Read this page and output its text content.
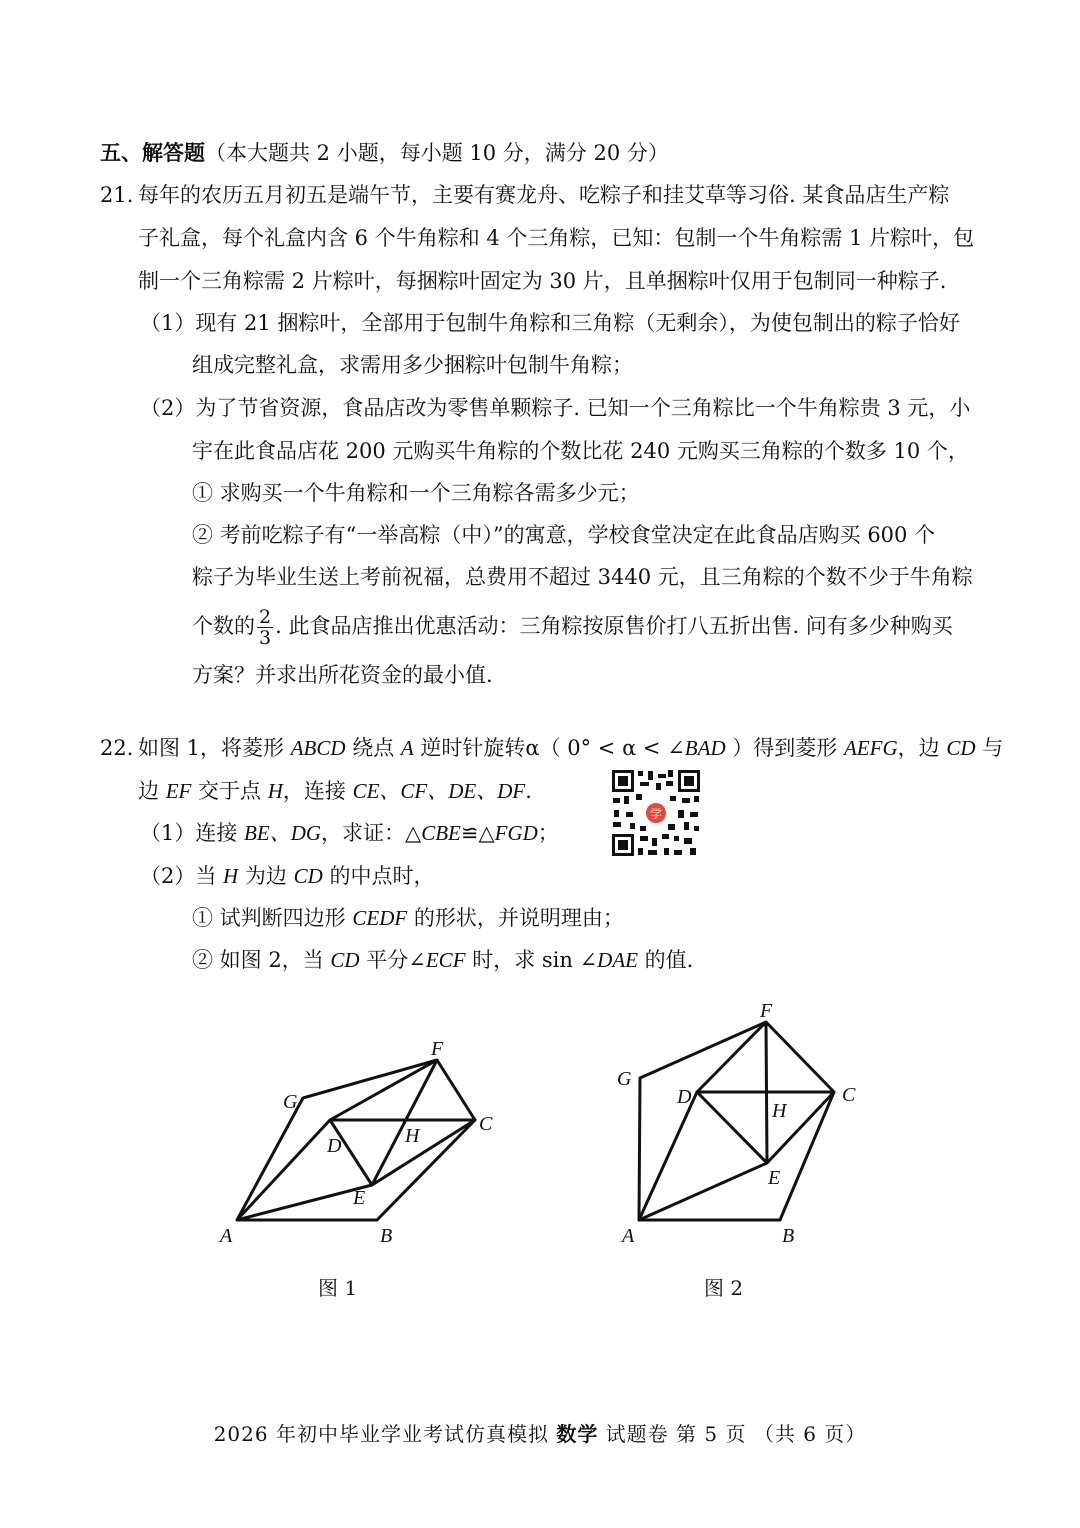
五、解答题（本大题共 2 小题，每小题 10 分，满分 20 分）
21. 每年的农历五月初五是端午节，主要有赛龙舟、吃粽子和挂艾草等习俗. 某食品店生产粽
子礼盒，每个礼盒内含 6 个牛角粽和 4 个三角粽，已知：包制一个牛角粽需 1 片粽叶，包
制一个三角粽需 2 片粽叶，每捆粽叶固定为 30 片，且单捆粽叶仅用于包制同一种粽子.
（1）现有 21 捆粽叶，全部用于包制牛角粽和三角粽（无剩余），为使包制出的粽子恰好
组成完整礼盒，求需用多少捆粽叶包制牛角粽；
（2）为了节省资源，食品店改为零售单颗粽子. 已知一个三角粽比一个牛角粽贵 3 元，小
宇在此食品店花 200 元购买牛角粽的个数比花 240 元购买三角粽的个数多 10 个，
① 求购买一个牛角粽和一个三角粽各需多少元；
② 考前吃粽子有“一举高粽（中）”的寓意，学校食堂决定在此食品店购买 600 个
粽子为毕业生送上考前祝福，总费用不超过 3440 元，且三角粽的个数不少于牛角粽
个数的 $\frac{2}{3}$ . 此食品店推出优惠活动：三角粽按原售价打八五折出售. 问有多少种购买
方案？并求出所花资金的最小值.
22. 如图 1，将菱形 ABCD 绕点 A 逆时针旋转α（ 0° < α < ∠BAD ）得到菱形 AEFG，边 CD 与
边 EF 交于点 H，连接 CE、CF、DE、DF.
（1）连接 BE、DG，求证：△CBE≌△FGD；
（2）当 H 为边 CD 的中点时，
① 试判断四边形 CEDF 的形状，并说明理由；
② 如图 2，当 CD 平分∠ECF 时，求 sin ∠DAE 的值.
学
A	B
C
D
E
F
G
H
图 1
A	B
C
D
E
F
G
H
图 2
2026 年初中毕业学业考试仿真模拟 数学 试题卷 第 5 页 （共 6 页）
